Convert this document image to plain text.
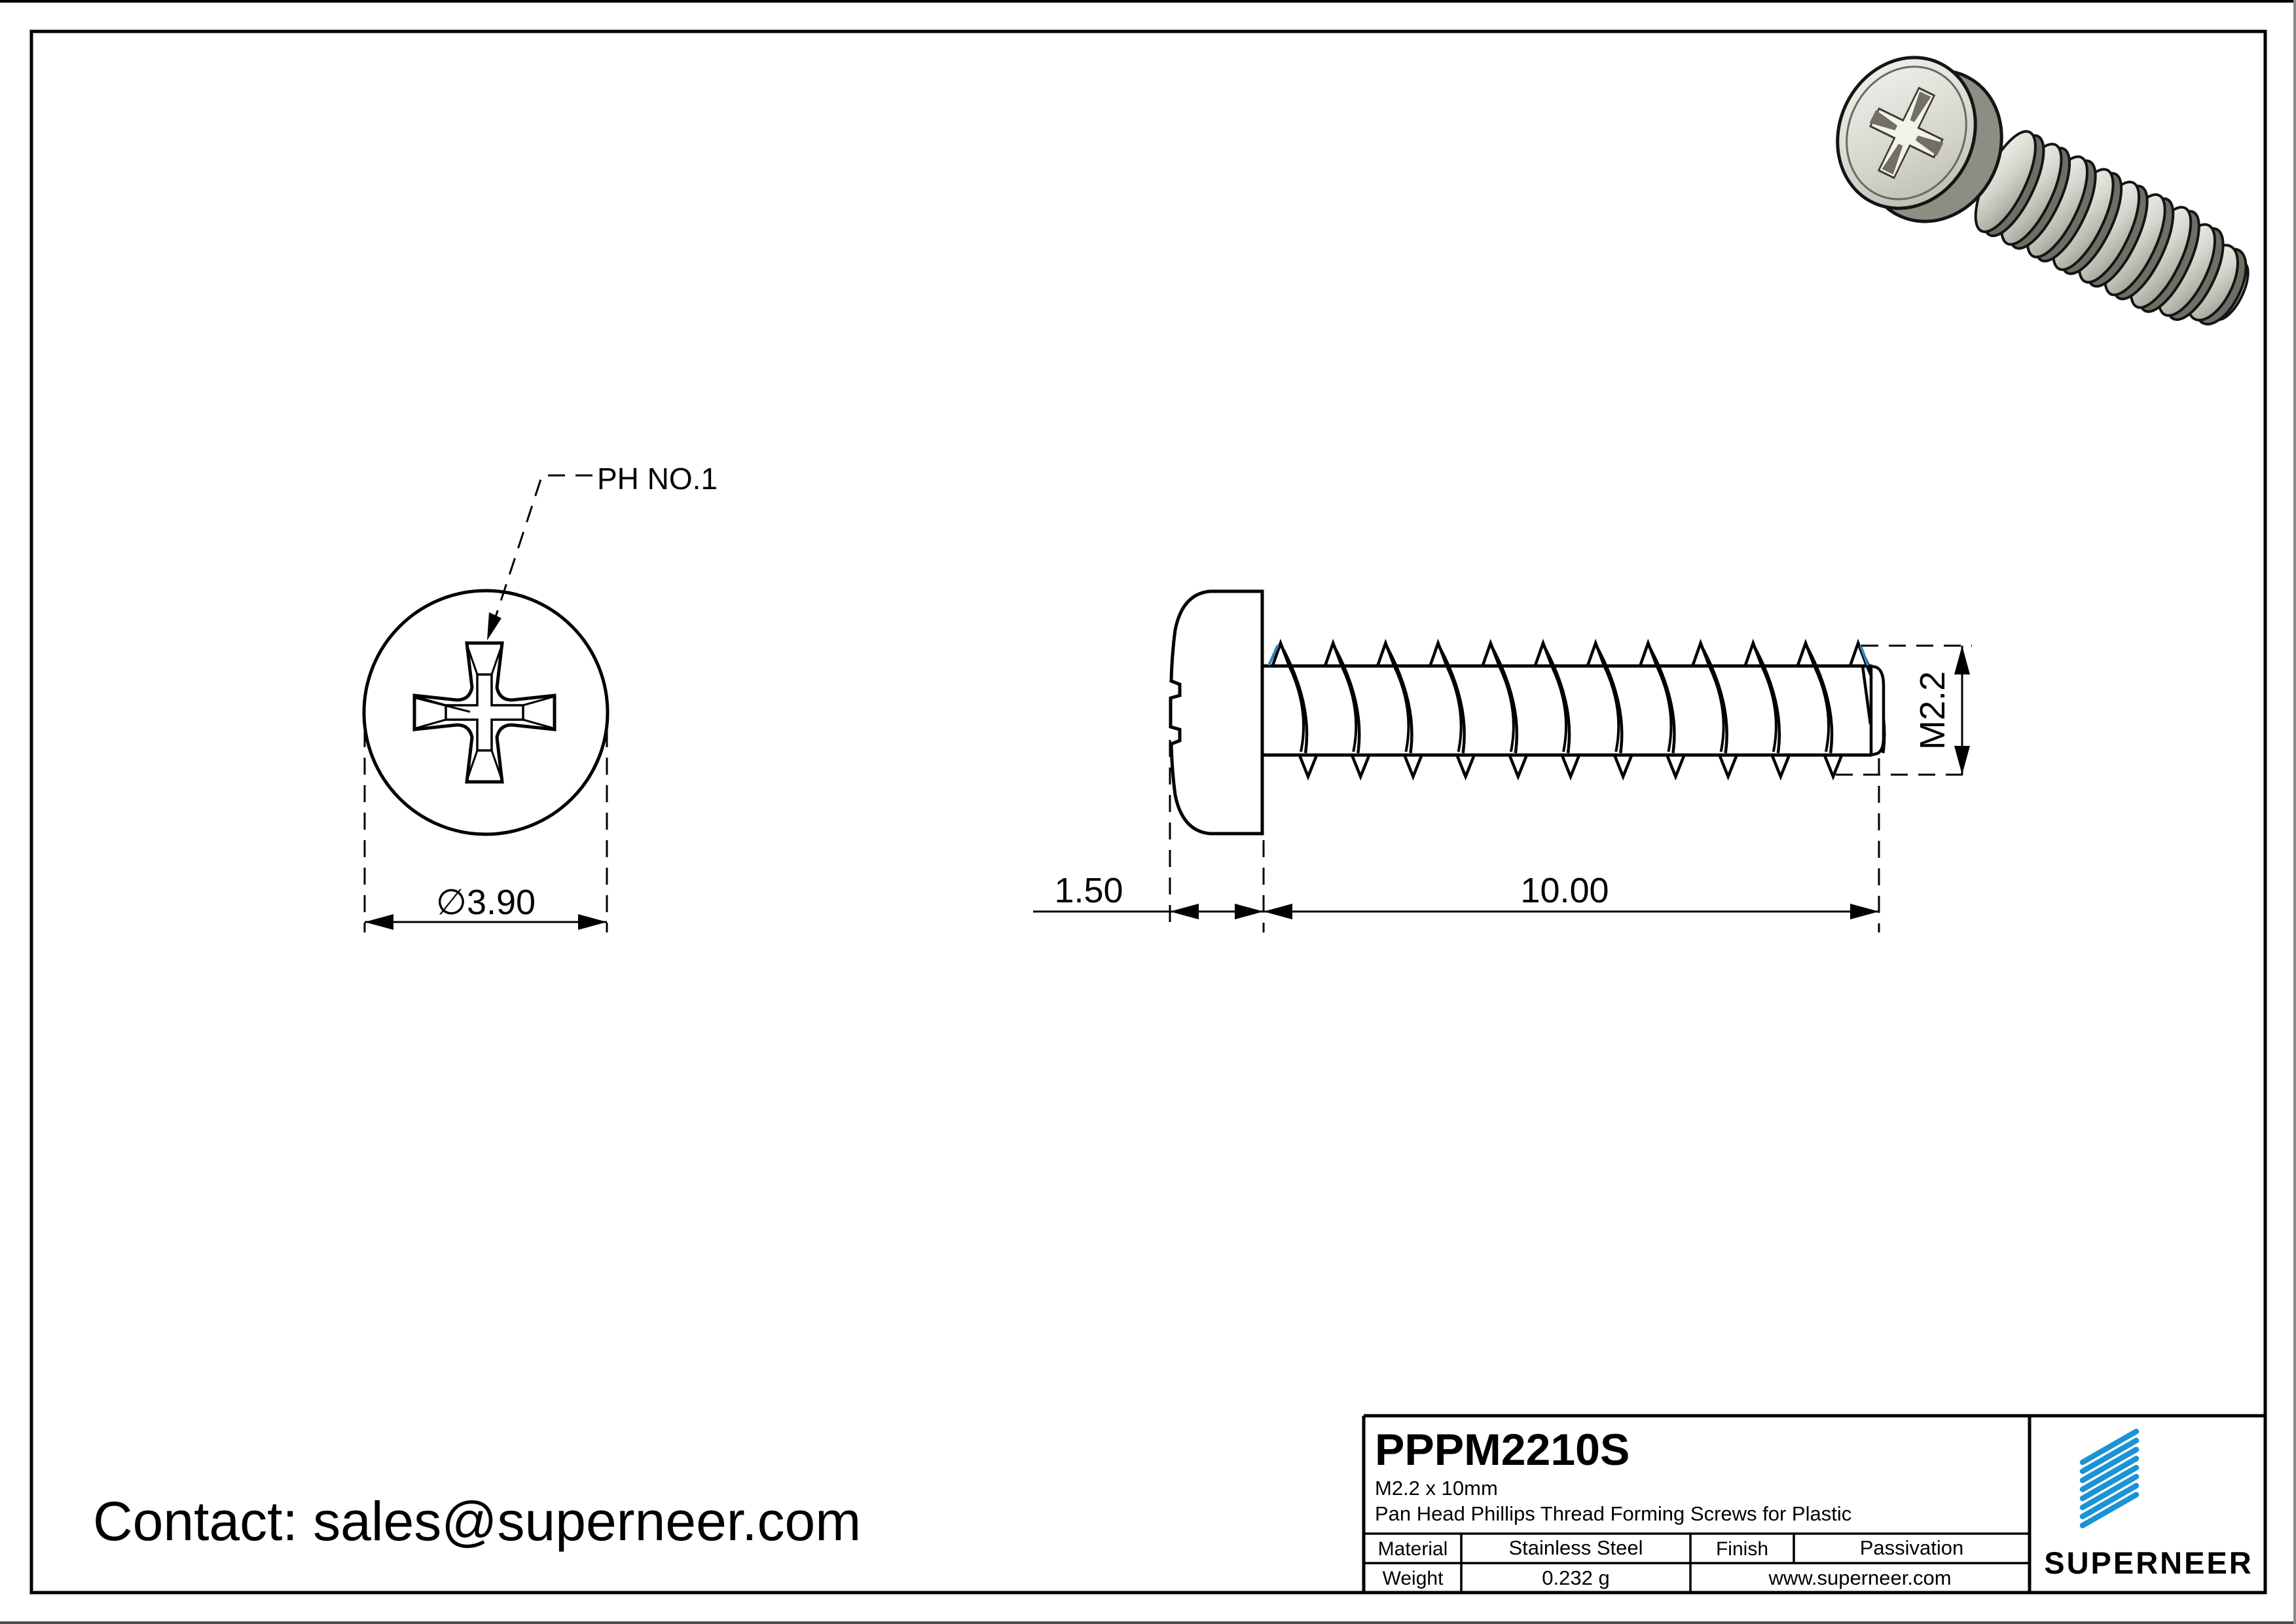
PH NO.1
∅3.90	1.50	10.00
M2.2
PPPM2210S
M2.2 x 10mm
Pan Head Phillips Thread Forming Screws for Plastic
Material	Stainless Steel	Finish	Passivation
Weight	0.232 g	www.superneer.com	SUPERNEER
Contact: sales@superneer.com
